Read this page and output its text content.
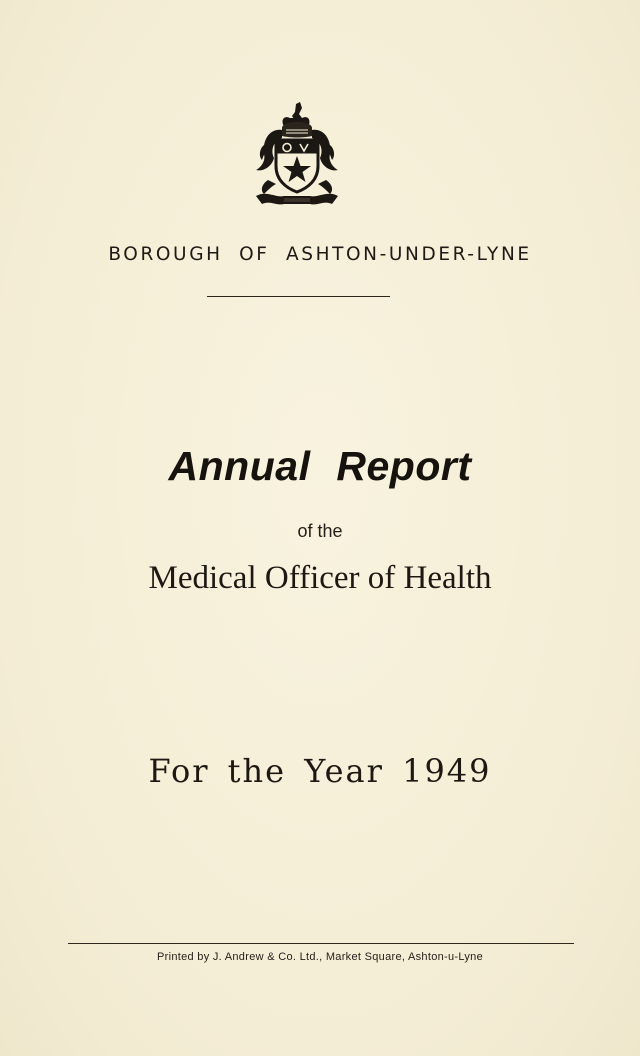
BOROUGH OF ASHTON-UNDER-LYNE
Annual Report
of the
Medical Officer of Health
For the Year 1949
Printed by J. Andrew & Co. Ltd., Market Square, Ashton-u-Lyne
